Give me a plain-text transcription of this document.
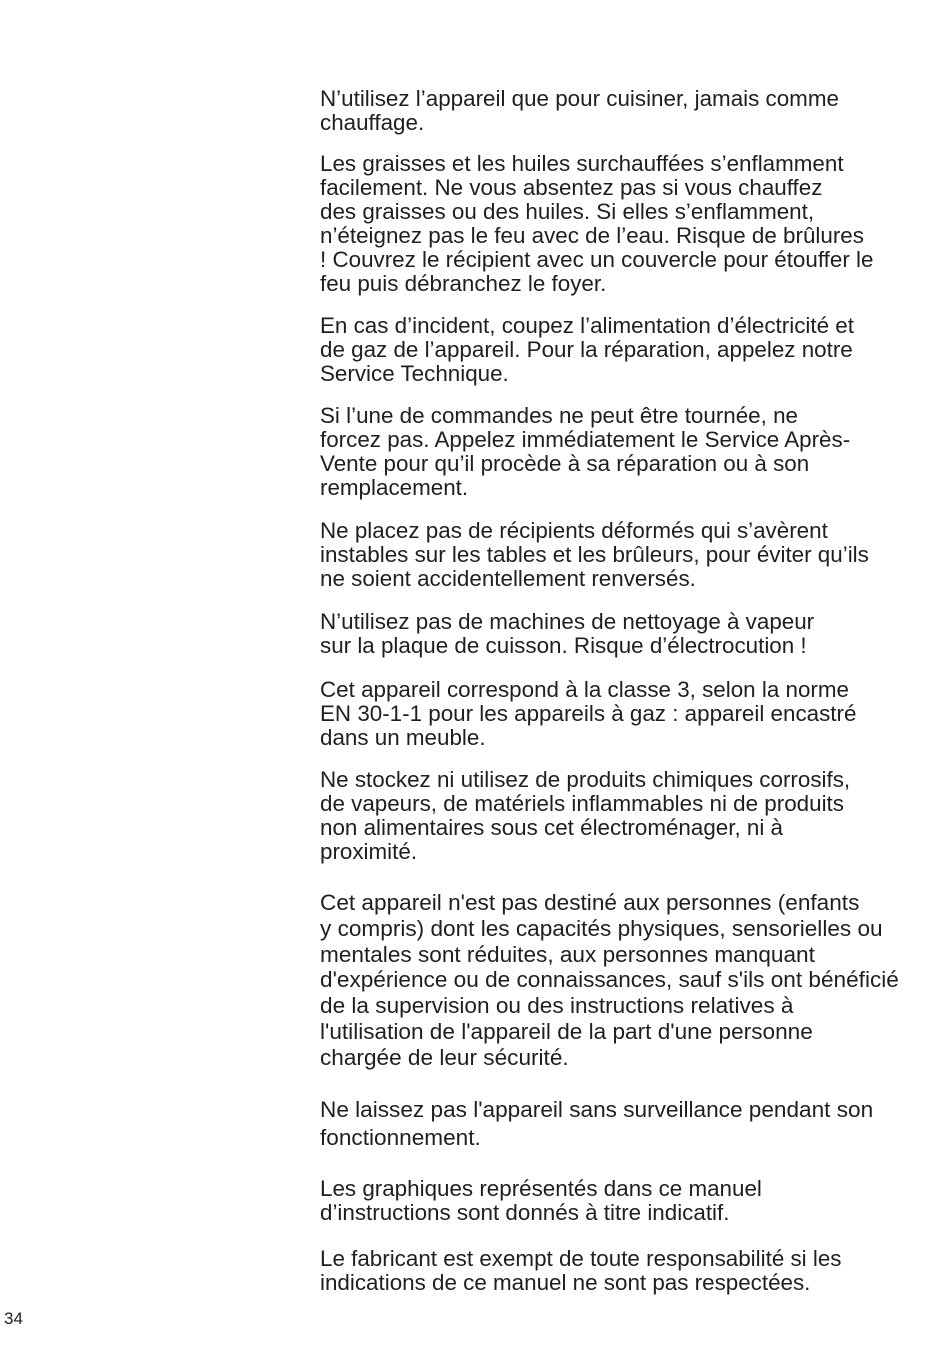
N’utilisez l’appareil que pour cuisiner, jamais comme
chauffage.
Les graisses et les huiles surchauffées s’enflamment
facilement. Ne vous absentez pas si vous chauffez
des graisses ou des huiles. Si elles s’enflamment,
n’éteignez pas le feu avec de l’eau. Risque de brûlures
! Couvrez le récipient avec un couvercle pour étouffer le
feu puis débranchez le foyer.
En cas d’incident, coupez l’alimentation d’électricité et
de gaz de l’appareil. Pour la réparation, appelez notre
Service Technique.
Si l’une de commandes ne peut être tournée, ne
forcez pas. Appelez immédiatement le Service Après-
Vente pour qu’il procède à sa réparation ou à son
remplacement.
Ne placez pas de récipients déformés qui s’avèrent
instables sur les tables et les brûleurs, pour éviter qu’ils
ne soient accidentellement renversés.
N’utilisez pas de machines de nettoyage à vapeur
sur la plaque de cuisson. Risque d’électrocution !
Cet appareil correspond à la classe 3, selon la norme
EN 30-1-1 pour les appareils à gaz : appareil encastré
dans un meuble.
Ne stockez ni utilisez de produits chimiques corrosifs,
de vapeurs, de matériels inflammables ni de produits
non alimentaires sous cet électroménager, ni à
proximité.
Cet appareil n'est pas destiné aux personnes (enfants
y compris) dont les capacités physiques, sensorielles ou
mentales sont réduites, aux personnes manquant
d'expérience ou de connaissances, sauf s'ils ont bénéficié
de la supervision ou des instructions relatives à
l'utilisation de l'appareil de la part d'une personne
chargée de leur sécurité.
Ne laissez pas l'appareil sans surveillance pendant son
fonctionnement.
Les graphiques représentés dans ce manuel
d’instructions sont donnés à titre indicatif.
Le fabricant est exempt de toute responsabilité si les
indications de ce manuel ne sont pas respectées.
34
